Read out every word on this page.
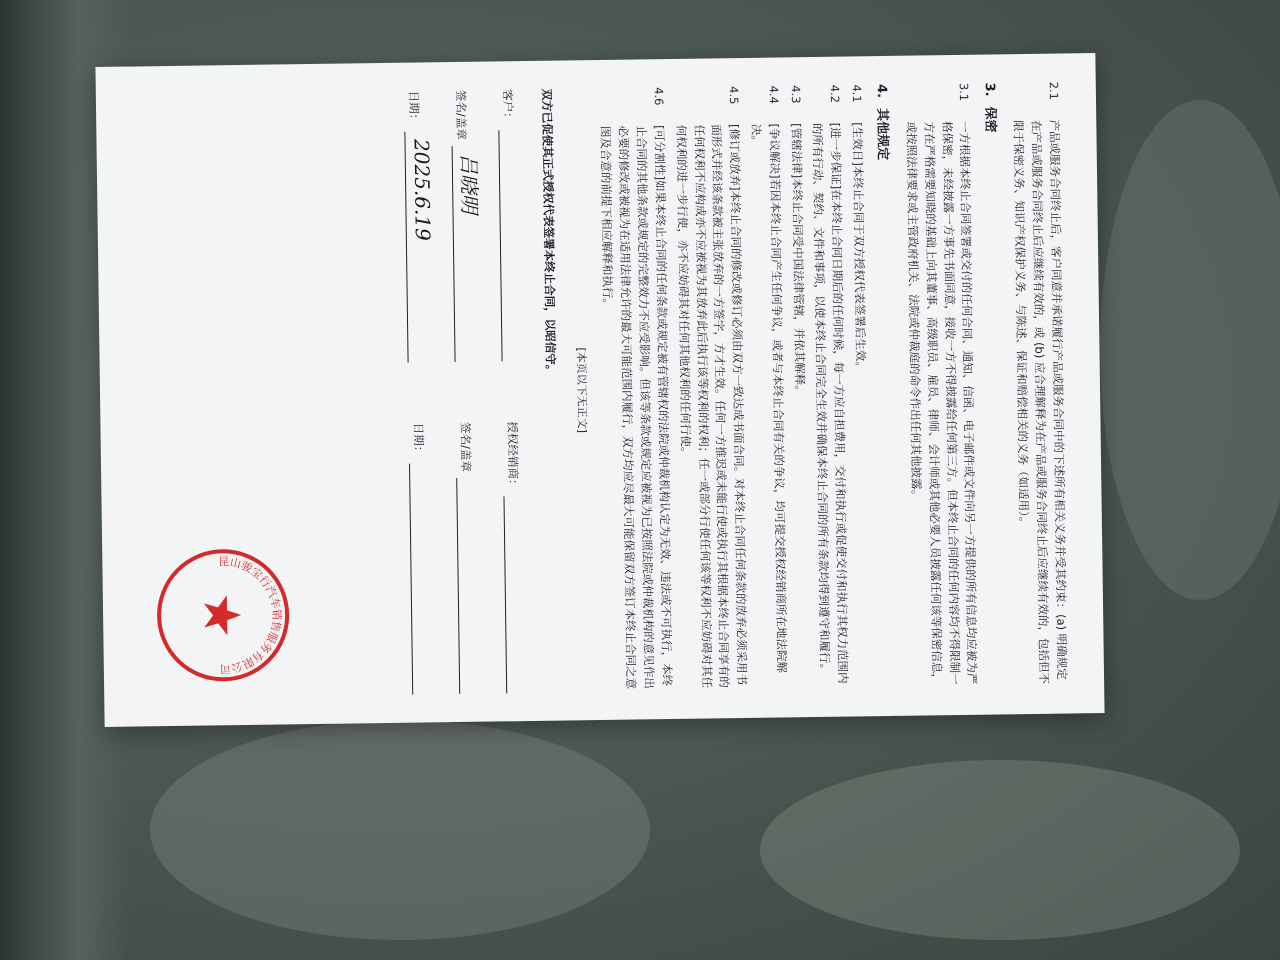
2.1
产品或服务合同终止后，客户同意并承诺履行产品或服务合同中的下述所有相关义务并受其约束：(a) 明确规定在产品或服务合同终止后应继续有效的，或 (b) 应合理解释为在产品或服务合同终止后应继续有效的，包括但不限于保密义务、知识产权保护义务、与陈述、保证和赔偿相关的义务（如适用）。
3.
保密
3.1
一方根据本终止合同签署或交付的任何合同、通知、信函、电子邮件或文件向另一方提供的所有信息均应被为严格保密，未经披露一方事先书面同意，接收一方不得披露给任何第三方。但本终止合同的任何内容均不得限制一方在严格需要知晓的基础上向其董事、高级职员、雇员、律师、会计师或其他必要人员披露任何该等保密信息，或按照法律要求或主管政府机关、法院或仲裁庭的命令作出任何其他披露。
4.
其他规定
4.1
[生效日]本终止合同于双方授权代表签署后生效。
4.2
[进一步保证]在本终止合同日期后的任何时候，每一方应自担费用，交付和执行或促使交付和执行其权力范围内的所有行动、契约、文件和事项，以使本终止合同完全生效并确保本终止合同的所有条款均得到遵守和履行。
4.3
[管辖法律]本终止合同受中国法律管辖，并依其解释。
4.4
[争议解决]若因本终止合同产生任何争议，或者与本终止合同有关的争议，均可提交授权经销商所在地法院解决。
4.5
[修订或放弃]本终止合同的修改或修订必须由双方一致达成书面合同。对本终止合同任何条款的放弃必须采用书面形式并经该条款被主张放弃的一方签字，方才生效。任何一方推迟或未能行使或执行其根据本终止合同享有的任何权利不应构成亦不应被视为其放弃此后执行该等权利的权利；任一或部分行使任何该等权利不应妨碍对其任何权利的进一步行使，亦不应妨碍其对任何其他权利的任何行使。
4.6
[可分割性]如果本终止合同的任何条款或规定被有管辖权的法院或仲裁机构认定为无效、违法或不可执行，本终止合同的其他条款或规定的完整效力不应受影响。但该等条款或规定应被视为已按照法院或仲裁机构的意见作出必要的修改或被视为在适用法律允许的最大可能范围内履行，双方均应尽最大可能保留双方签订本终止合同之意图及合意的前提下相应解释和执行。
[本页以下无正文]
双方已促使其正式授权代表签署本终止合同，以昭信守。
客户：
签名/盖章
吕晓明
日期：
2025.6.19
授权经销商：
签名/盖章
日期：
昆山骏宝行汽车销售服务有限公司
